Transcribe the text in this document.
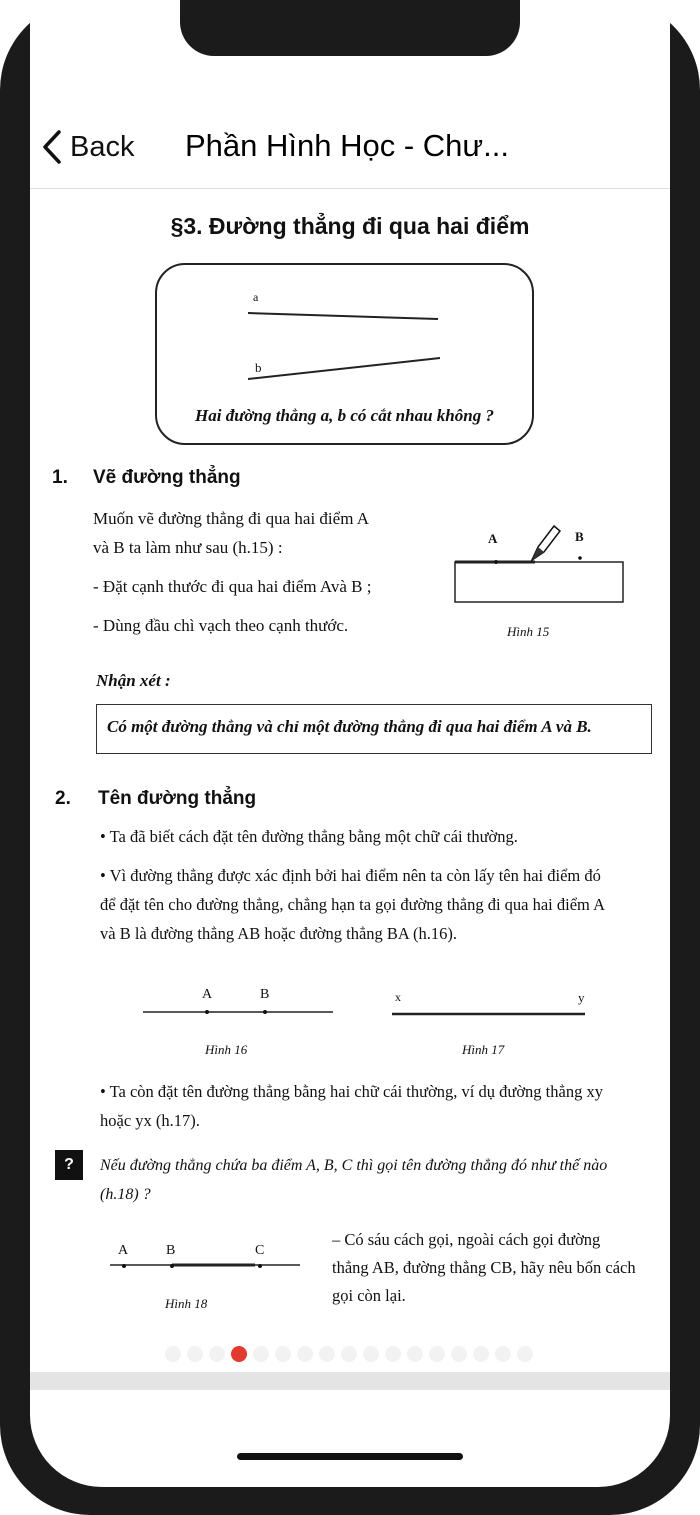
Back Phần Hình Học - Chư...
§3. Đường thẳng đi qua hai điểm
a
b
Hai đường thẳng a, b có cắt nhau không ?
1. Vẽ đường thẳng
Muốn vẽ đường thẳng đi qua hai điểm A
và B ta làm như sau (h.15) :
- Đặt cạnh thước đi qua hai điểm Avà B ;
- Dùng đầu chì vạch theo cạnh thước.
A	B
Hình 15
Nhận xét :
Có một đường thẳng và chỉ một đường thẳng đi qua hai điểm A và B.
2. Tên đường thẳng
• Ta đã biết cách đặt tên đường thẳng bằng một chữ cái thường.
• Vì đường thẳng được xác định bởi hai điểm nên ta còn lấy tên hai điểm đó
để đặt tên cho đường thẳng, chẳng hạn ta gọi đường thẳng đi qua hai điểm A
và B là đường thẳng AB hoặc đường thẳng BA (h.16).
A	B
Hình 16
x	y
Hình 17
• Ta còn đặt tên đường thẳng bằng hai chữ cái thường, ví dụ đường thẳng xy
hoặc yx (h.17).
?	Nếu đường thẳng chứa ba điểm A, B, C thì gọi tên đường thẳng đó như thế nào
(h.18) ?
A	B	C
Hình 18
– Có sáu cách gọi, ngoài cách gọi đường
thẳng AB, đường thẳng CB, hãy nêu bốn cách
gọi còn lại.
